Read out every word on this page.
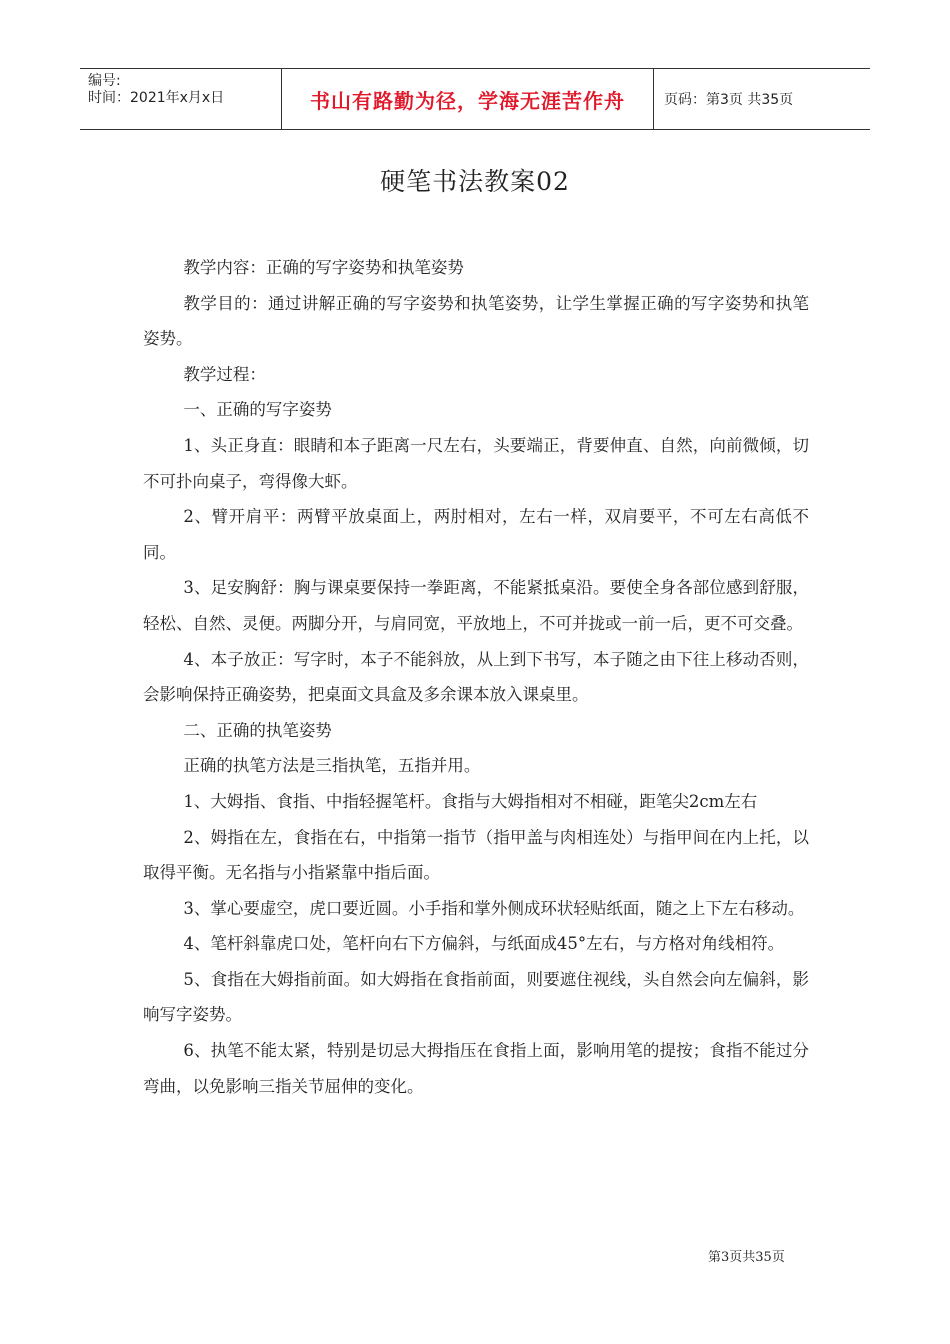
编号:
时间：2021年x月x日	书山有路勤为径，学海无涯苦作舟	页码：第3页 共35页
硬笔书法教案02

教学内容：正确的写字姿势和执笔姿势

教学目的：通过讲解正确的写字姿势和执笔姿势，让学生掌握正确的写字姿势和执笔姿势。

教学过程：

一、正确的写字姿势

1、头正身直：眼睛和本子距离一尺左右，头要端正，背要伸直、自然，向前微倾，切不可扑向桌子，弯得像大虾。

2、臂开肩平：两臂平放桌面上，两肘相对，左右一样，双肩要平，不可左右高低不同。

3、足安胸舒：胸与课桌要保持一拳距离，不能紧抵桌沿。要使全身各部位感到舒服，轻松、自然、灵便。两脚分开，与肩同宽，平放地上，不可并拢或一前一后，更不可交叠。

4、本子放正：写字时，本子不能斜放，从上到下书写，本子随之由下往上移动否则，会影响保持正确姿势，把桌面文具盒及多余课本放入课桌里。

二、正确的执笔姿势

正确的执笔方法是三指执笔，五指并用。

1、大姆指、食指、中指轻握笔杆。食指与大姆指相对不相碰，距笔尖2cm左右

2、姆指在左，食指在右，中指第一指节（指甲盖与肉相连处）与指甲间在内上托，以取得平衡。无名指与小指紧靠中指后面。

3、掌心要虚空，虎口要近圆。小手指和掌外侧成环状轻贴纸面，随之上下左右移动。

4、笔杆斜靠虎口处，笔杆向右下方偏斜，与纸面成45°左右，与方格对角线相符。

5、食指在大姆指前面。如大姆指在食指前面，则要遮住视线，头自然会向左偏斜，影响写字姿势。

6、执笔不能太紧，特别是切忌大拇指压在食指上面，影响用笔的提按；食指不能过分弯曲，以免影响三指关节屈伸的变化。

第3页共35页
